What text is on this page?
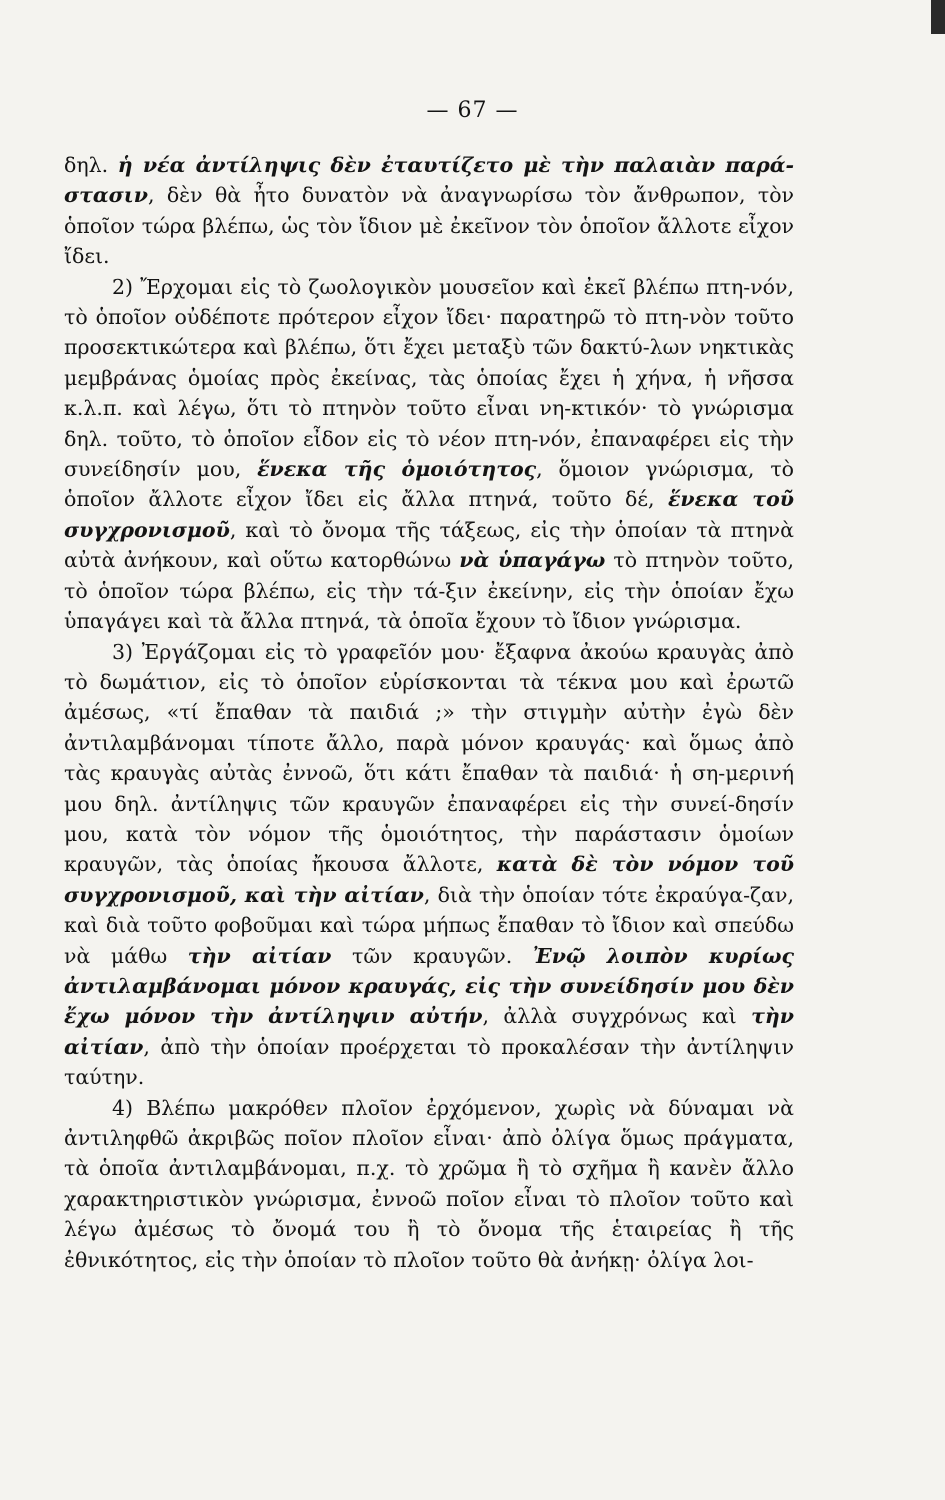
— 67 —

δηλ. ἡ νέα ἀντίληψις δὲν ἐταυτίζετο μὲ τὴν παλαιὰν παρά-στασιν, δὲν θὰ ἦτο δυνατὸν νὰ ἀναγνωρίσω τὸν ἄνθρωπον, τὸν ὁποῖον τώρα βλέπω, ὡς τὸν ἴδιον μὲ ἐκεῖνον τὸν ὁποῖον ἄλλοτε εἶχον ἴδει.

2) Ἔρχομαι εἰς τὸ ζωολογικὸν μουσεῖον καὶ ἐκεῖ βλέπω πτη-νόν, τὸ ὁποῖον οὐδέποτε πρότερον εἶχον ἴδει· παρατηρῶ τὸ πτη-νὸν τοῦτο προσεκτικώτερα καὶ βλέπω, ὅτι ἔχει μεταξὺ τῶν δακτύ-λων νηκτικὰς μεμβράνας ὁμοίας πρὸς ἐκείνας, τὰς ὁποίας ἔχει ἡ χήνα, ἡ νῆσσα κ.λ.π. καὶ λέγω, ὅτι τὸ πτηνὸν τοῦτο εἶναι νη-κτικόν· τὸ γνώρισμα δηλ. τοῦτο, τὸ ὁποῖον εἶδον εἰς τὸ νέον πτη-νόν, ἐπαναφέρει εἰς τὴν συνείδησίν μου, ἕνεκα τῆς ὁμοιότητος, ὅμοιον γνώρισμα, τὸ ὁποῖον ἄλλοτε εἶχον ἴδει εἰς ἄλλα πτηνά, τοῦτο δέ, ἕνεκα τοῦ συγχρονισμοῦ, καὶ τὸ ὄνομα τῆς τάξεως, εἰς τὴν ὁποίαν τὰ πτηνὰ αὐτὰ ἀνήκουν, καὶ οὕτω κατορθώνω νὰ ὑπαγάγω τὸ πτηνὸν τοῦτο, τὸ ὁποῖον τώρα βλέπω, εἰς τὴν τά-ξιν ἐκείνην, εἰς τὴν ὁποίαν ἔχω ὑπαγάγει καὶ τὰ ἄλλα πτηνά, τὰ ὁποῖα ἔχουν τὸ ἴδιον γνώρισμα.

3) Ἐργάζομαι εἰς τὸ γραφεῖόν μου· ἔξαφνα ἀκούω κραυγὰς ἀπὸ τὸ δωμάτιον, εἰς τὸ ὁποῖον εὑρίσκονται τὰ τέκνα μου καὶ ἐρωτῶ ἀμέσως, «τί ἔπαθαν τὰ παιδιά ;» τὴν στιγμὴν αὐτὴν ἐγὼ δὲν ἀντιλαμβάνομαι τίποτε ἄλλο, παρὰ μόνον κραυγάς· καὶ ὅμως ἀπὸ τὰς κραυγὰς αὐτὰς ἐννοῶ, ὅτι κάτι ἔπαθαν τὰ παιδιά· ἡ ση-μερινή μου δηλ. ἀντίληψις τῶν κραυγῶν ἐπαναφέρει εἰς τὴν συνεί-δησίν μου, κατὰ τὸν νόμον τῆς ὁμοιότητος, τὴν παράστασιν ὁμοίων κραυγῶν, τὰς ὁποίας ἤκουσα ἄλλοτε, κατὰ δὲ τὸν νόμον τοῦ συγχρονισμοῦ, καὶ τὴν αἰτίαν, διὰ τὴν ὁποίαν τότε ἐκραύγα-ζαν, καὶ διὰ τοῦτο φοβοῦμαι καὶ τώρα μήπως ἔπαθαν τὸ ἴδιον καὶ σπεύδω νὰ μάθω τὴν αἰτίαν τῶν κραυγῶν. Ἐνῷ λοιπὸν κυρίως ἀντιλαμβάνομαι μόνον κραυγάς, εἰς τὴν συνείδησίν μου δὲν ἔχω μόνον τὴν ἀντίληψιν αὐτήν, ἀλλὰ συγχρόνως καὶ τὴν αἰτίαν, ἀπὸ τὴν ὁποίαν προέρχεται τὸ προκαλέσαν τὴν ἀντίληψιν ταύτην.

4) Βλέπω μακρόθεν πλοῖον ἐρχόμενον, χωρὶς νὰ δύναμαι νὰ ἀντιληφθῶ ἀκριβῶς ποῖον πλοῖον εἶναι· ἀπὸ ὀλίγα ὅμως πράγματα, τὰ ὁποῖα ἀντιλαμβάνομαι, π.χ. τὸ χρῶμα ἢ τὸ σχῆμα ἢ κανὲν ἄλλο χαρακτηριστικὸν γνώρισμα, ἐννοῶ ποῖον εἶναι τὸ πλοῖον τοῦτο καὶ λέγω ἀμέσως τὸ ὄνομά του ἢ τὸ ὄνομα τῆς ἑταιρείας ἢ τῆς ἐθνικότητος, εἰς τὴν ὁποίαν τὸ πλοῖον τοῦτο θὰ ἀνήκῃ· ὀλίγα λοι-
